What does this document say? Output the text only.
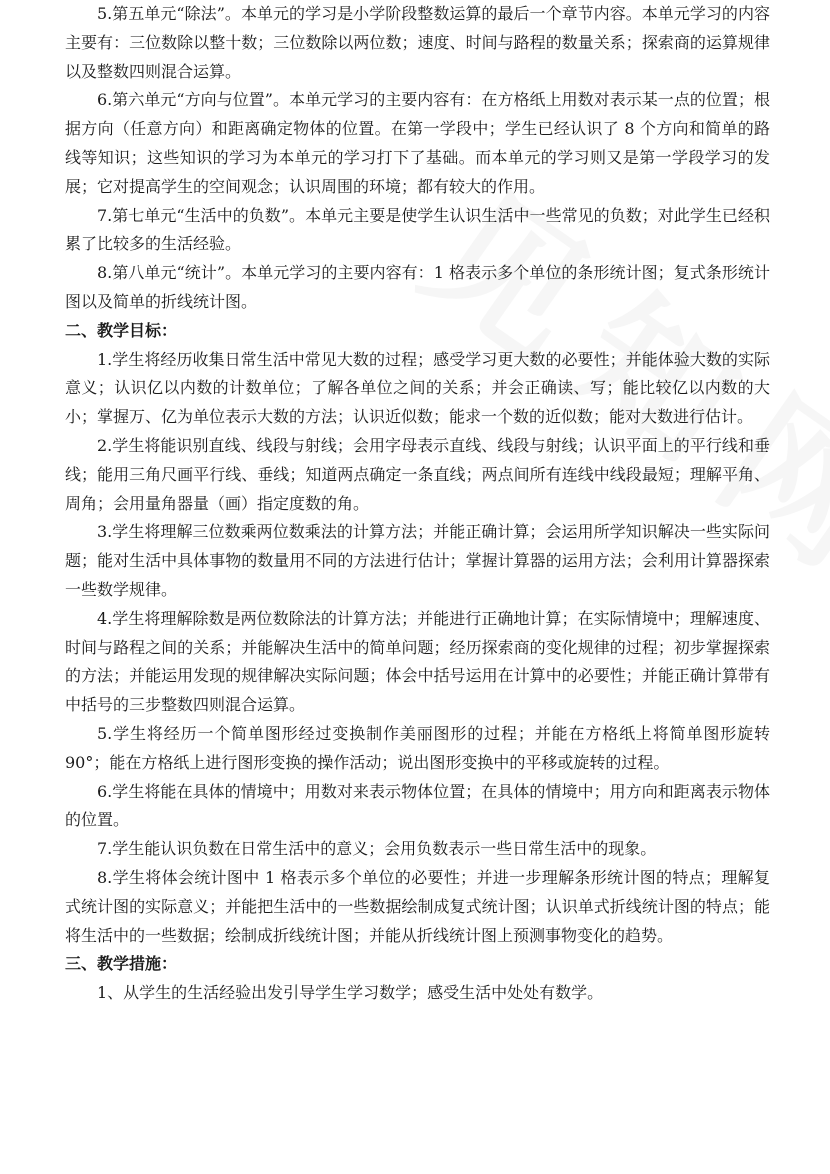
5.第五单元“除法”。本单元的学习是小学阶段整数运算的最后一个章节内容。本单元学习的内容主要有：三位数除以整十数；三位数除以两位数；速度、时间与路程的数量关系；探索商的运算规律以及整数四则混合运算。

6.第六单元“方向与位置”。本单元学习的主要内容有：在方格纸上用数对表示某一点的位置；根据方向（任意方向）和距离确定物体的位置。在第一学段中；学生已经认识了 8 个方向和简单的路线等知识；这些知识的学习为本单元的学习打下了基础。而本单元的学习则又是第一学段学习的发展；它对提高学生的空间观念；认识周围的环境；都有较大的作用。

7.第七单元“生活中的负数”。本单元主要是使学生认识生活中一些常见的负数；对此学生已经积累了比较多的生活经验。

8.第八单元“统计”。本单元学习的主要内容有：1 格表示多个单位的条形统计图；复式条形统计图以及简单的折线统计图。

二、教学目标：

1.学生将经历收集日常生活中常见大数的过程；感受学习更大数的必要性；并能体验大数的实际意义；认识亿以内数的计数单位；了解各单位之间的关系；并会正确读、写；能比较亿以内数的大小；掌握万、亿为单位表示大数的方法；认识近似数；能求一个数的近似数；能对大数进行估计。

2.学生将能识别直线、线段与射线；会用字母表示直线、线段与射线；认识平面上的平行线和垂线；能用三角尺画平行线、垂线；知道两点确定一条直线；两点间所有连线中线段最短；理解平角、周角；会用量角器量（画）指定度数的角。

3.学生将理解三位数乘两位数乘法的计算方法；并能正确计算；会运用所学知识解决一些实际问题；能对生活中具体事物的数量用不同的方法进行估计；掌握计算器的运用方法；会利用计算器探索一些数学规律。

4.学生将理解除数是两位数除法的计算方法；并能进行正确地计算；在实际情境中；理解速度、时间与路程之间的关系；并能解决生活中的简单问题；经历探索商的变化规律的过程；初步掌握探索的方法；并能运用发现的规律解决实际问题；体会中括号运用在计算中的必要性；并能正确计算带有中括号的三步整数四则混合运算。

5.学生将经历一个简单图形经过变换制作美丽图形的过程；并能在方格纸上将简单图形旋转 90°；能在方格纸上进行图形变换的操作活动；说出图形变换中的平移或旋转的过程。

6.学生将能在具体的情境中；用数对来表示物体位置；在具体的情境中；用方向和距离表示物体的位置。

7.学生能认识负数在日常生活中的意义；会用负数表示一些日常生活中的现象。

8.学生将体会统计图中 1 格表示多个单位的必要性；并进一步理解条形统计图的特点；理解复式统计图的实际意义；并能把生活中的一些数据绘制成复式统计图；认识单式折线统计图的特点；能将生活中的一些数据；绘制成折线统计图；并能从折线统计图上预测事物变化的趋势。

三、教学措施：

1、从学生的生活经验出发引导学生学习数学；感受生活中处处有数学。
